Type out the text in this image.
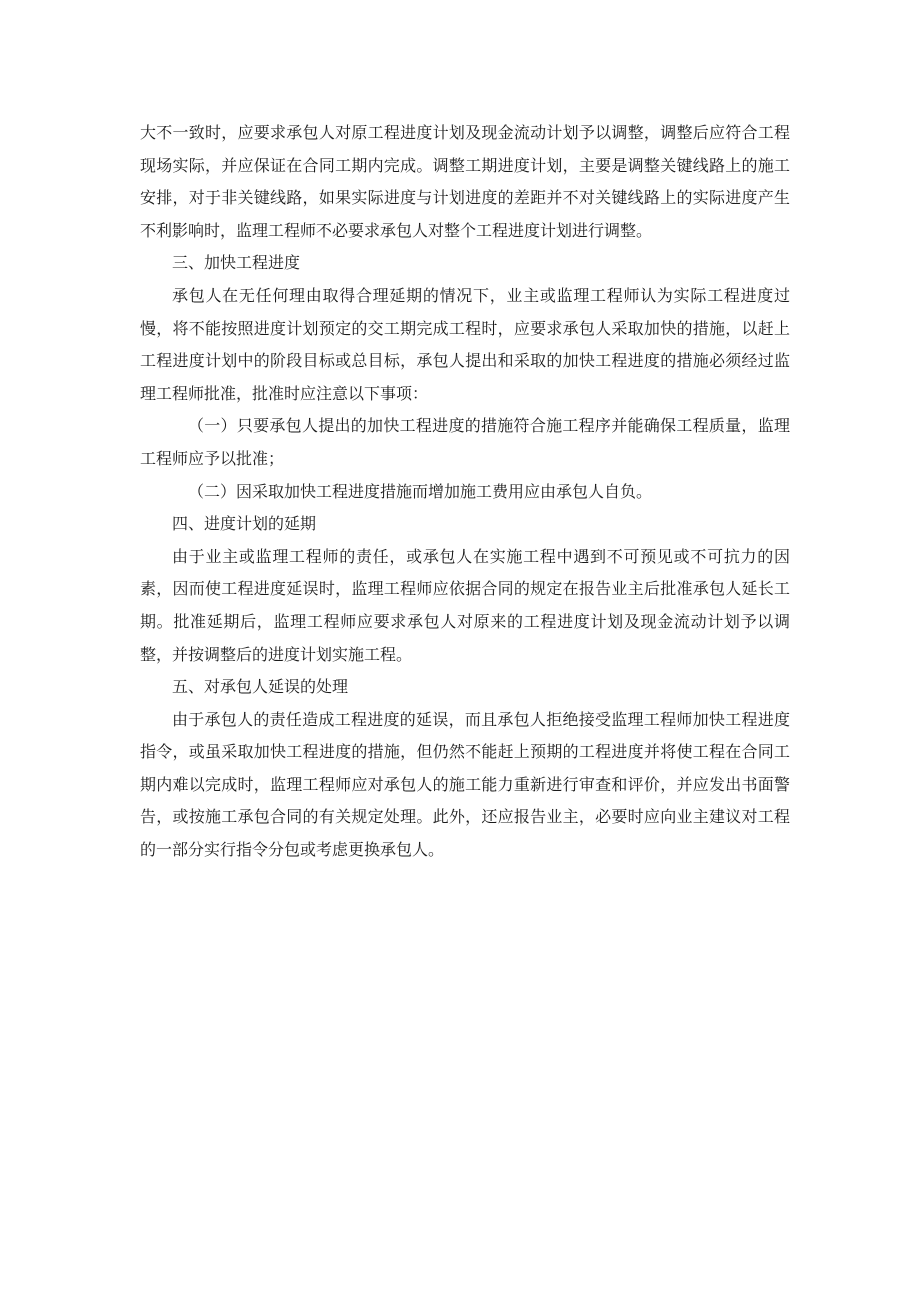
大不一致时，应要求承包人对原工程进度计划及现金流动计划予以调整，调整后应符合工程现场实际，并应保证在合同工期内完成。调整工期进度计划，主要是调整关键线路上的施工安排，对于非关键线路，如果实际进度与计划进度的差距并不对关键线路上的实际进度产生不利影响时，监理工程师不必要求承包人对整个工程进度计划进行调整。

三、加快工程进度

承包人在无任何理由取得合理延期的情况下，业主或监理工程师认为实际工程进度过慢，将不能按照进度计划预定的交工期完成工程时，应要求承包人采取加快的措施，以赶上工程进度计划中的阶段目标或总目标，承包人提出和采取的加快工程进度的措施必须经过监理工程师批准，批准时应注意以下事项：

（一）只要承包人提出的加快工程进度的措施符合施工程序并能确保工程质量，监理工程师应予以批准；

（二）因采取加快工程进度措施而增加施工费用应由承包人自负。

四、进度计划的延期

由于业主或监理工程师的责任，或承包人在实施工程中遇到不可预见或不可抗力的因素，因而使工程进度延误时，监理工程师应依据合同的规定在报告业主后批准承包人延长工期。批准延期后，监理工程师应要求承包人对原来的工程进度计划及现金流动计划予以调整，并按调整后的进度计划实施工程。

五、对承包人延误的处理

由于承包人的责任造成工程进度的延误，而且承包人拒绝接受监理工程师加快工程进度指令，或虽采取加快工程进度的措施，但仍然不能赶上预期的工程进度并将使工程在合同工期内难以完成时，监理工程师应对承包人的施工能力重新进行审查和评价，并应发出书面警告，或按施工承包合同的有关规定处理。此外，还应报告业主，必要时应向业主建议对工程的一部分实行指令分包或考虑更换承包人。
